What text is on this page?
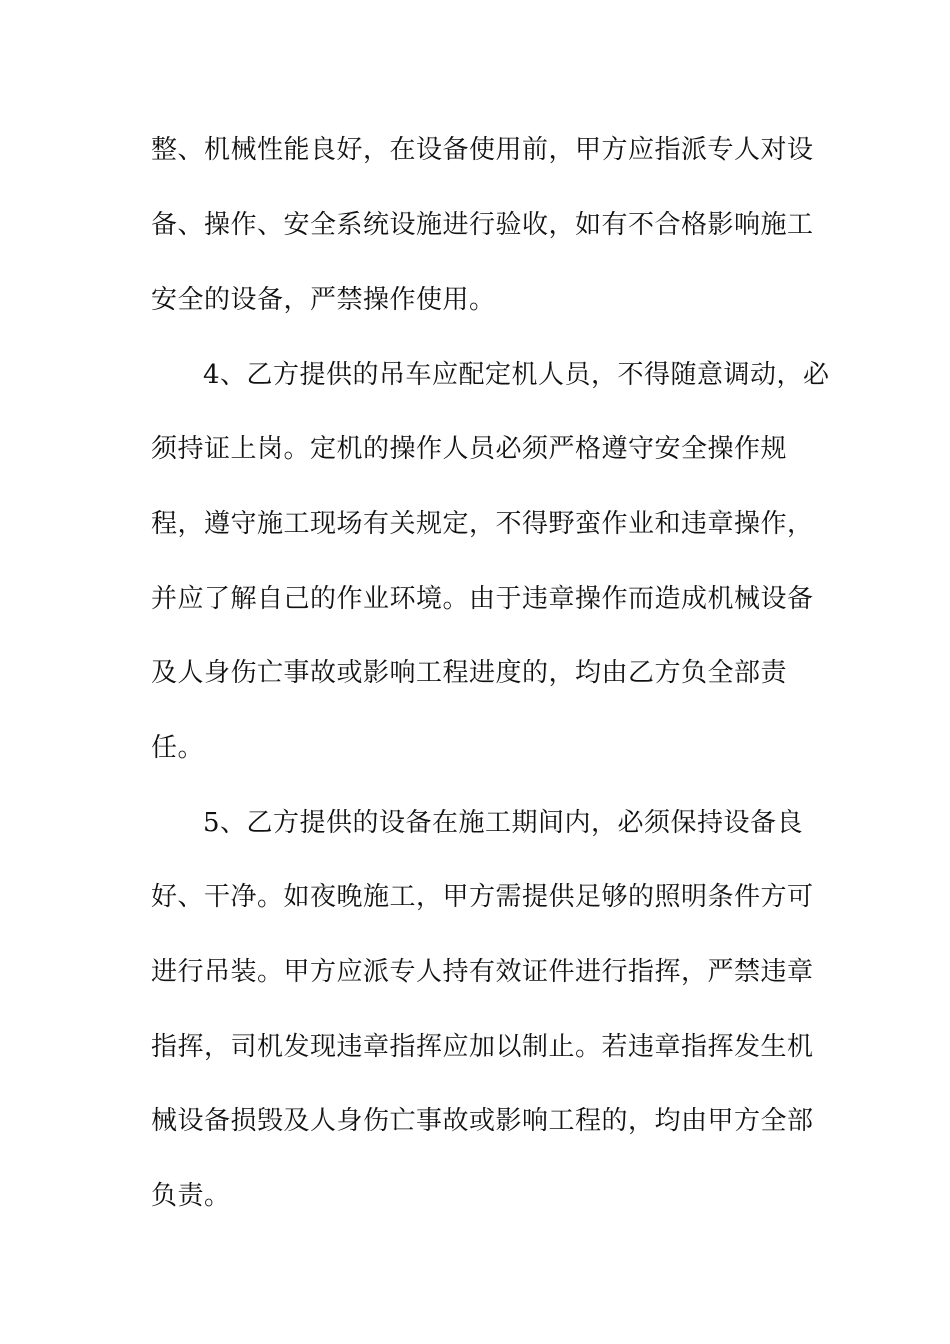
整、机械性能良好，在设备使用前，甲方应指派专人对设
备、操作、安全系统设施进行验收，如有不合格影响施工
安全的设备，严禁操作使用。
4、乙方提供的吊车应配定机人员，不得随意调动，必
须持证上岗。定机的操作人员必须严格遵守安全操作规
程，遵守施工现场有关规定，不得野蛮作业和违章操作，
并应了解自己的作业环境。由于违章操作而造成机械设备
及人身伤亡事故或影响工程进度的，均由乙方负全部责
任。
5、乙方提供的设备在施工期间内，必须保持设备良
好、干净。如夜晚施工，甲方需提供足够的照明条件方可
进行吊装。甲方应派专人持有效证件进行指挥，严禁违章
指挥，司机发现违章指挥应加以制止。若违章指挥发生机
械设备损毁及人身伤亡事故或影响工程的，均由甲方全部
负责。
